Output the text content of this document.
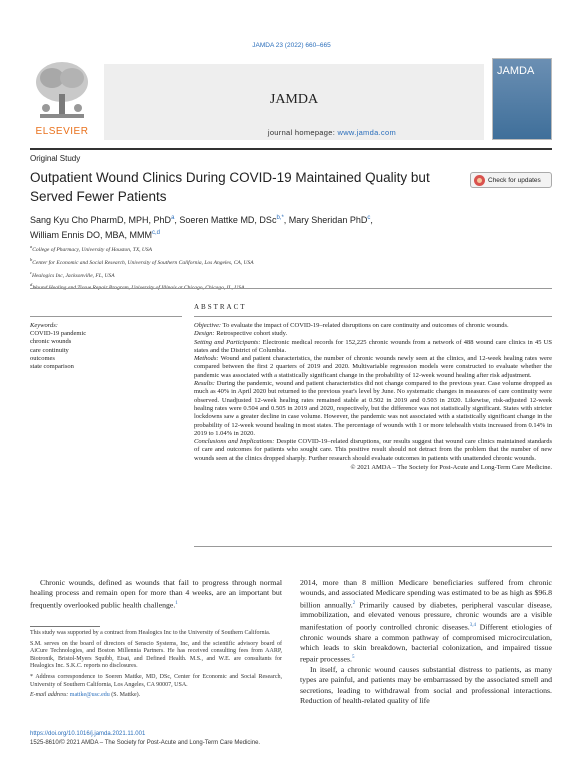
JAMDA 23 (2022) 660–665
ELSEVIER
JAMDA
journal homepage: www.jamda.com
JAMDA
Original Study
Outpatient Wound Clinics During COVID-19 Maintained Quality but Served Fewer Patients
Check for updates
Sang Kyu Cho PharmD, MPH, PhD$^a$, Soeren Mattke MD, DSc$^{b,*}$, Mary Sheridan PhD$^c$,
William Ennis DO, MBA, MMM$^{c,d}$
$^a$College of Pharmacy, University of Houston, TX, USA
$^b$Center for Economic and Social Research, University of Southern California, Los Angeles, CA, USA
$^c$Healogics Inc, Jacksonville, FL, USA
$^d$
ABSTRACT
Keywords:
COVID-19 pandemic
chronic wounds
care continuity
outcomes
state comparison
Objective: To evaluate the impact of COVID-19–related disruptions on care continuity and outcomes of chronic wounds.
Design: Retrospective cohort study.
Setting and Participants: Electronic medical records for 152,225 chronic wounds from a network of 488 wound care clinics in 45 US states and the District of Columbia.
Methods: Wound and patient characteristics, the number of chronic wounds newly seen at the clinics, and 12-week healing rates were compared between the first 2 quarters of 2019 and 2020. Multivariable regression models were constructed to evaluate whether the pandemic was associated with a statistically significant change in the probability of 12-week wound healing after risk adjustment.
Results: During the pandemic, wound and patient characteristics did not change compared to the previous year. Case volume dropped as much as 40% in April 2020 but returned to the previous year's level by June. No systematic changes in measures of care continuity were observed. Unadjusted 12-week healing rates remained stable at 0.502 in 2019 and 0.503 in 2020. Likewise, risk-adjusted 12-week healing rates were 0.504 and 0.505 in 2019 and 2020, respectively, but the difference was not statistically significant. States with stricter lockdowns saw a greater decline in case volume. However, the pandemic was not associated with a statistically significant change in the probability of 12-week wound healing in most states. The percentage of wounds with 1 or more telehealth visits increased from 0.14% in 2019 to 1.04% in 2020.
Conclusions and Implications: Despite COVID-19–related disruptions, our results suggest that wound care clinics maintained standards of care and outcomes for patients who sought care. This positive result should not detract from the problem that the number of new wounds seen at the clinics dropped sharply. Further research should evaluate outcomes in patients with unattended chronic wounds.
© 2021 AMDA – The Society for Post-Acute and Long-Term Care Medicine.

Chronic wounds, defined as wounds that fail to progress through normal healing process and remain open for more than 4 weeks, are an important but frequently overlooked public health challenge.$^1$

2014, more than 8 million Medicare beneficiaries suffered from chronic wounds, and associated Medicare spending was estimated to be as high as $96.8 billion annually.$^2$ Primarily caused by diabetes, peripheral vascular disease, immobilization, and elevated venous pressure, chronic wounds are a visible manifestation of poorly controlled chronic diseases.$^{3,4}$ Different etiologies of chronic wounds share a common pathway of compromised microcirculation, which leads to skin breakdown, bacterial colonization, and impaired tissue repair processes.$^5$

In itself, a chronic wound causes substantial distress to patients, as many types are painful, and patients may be embarrassed by the associated smell and secretions, leading to withdrawal from social and professional interactions. Reduction of health-related quality of life

This study was supported by a contract from Healogics Inc to the University of Southern California.

S.M. serves on the board of directors of Senscio Systems, Inc, and the scientific advisory board of AiCure Technologies, and Boston Millennia Partners. He has received consulting fees from AARP, Biotronik, Bristol-Myers Squibb, Eisai, and Defined Health. M.S., and W.E. are consultants for Healogics Inc. S.K.C. reports no disclosures.

* Address correspondence to Soeren Mattke, MD, DSc, Center for Economic and Social Research, University of Southern California, Los Angeles, CA 90007, USA.

E-mail address: mattke@usc.edu (S. Mattke).

https://doi.org/10.1016/j.jamda.2021.11.001
1525-8610/© 2021 AMDA – The Society for Post-Acute and Long-Term Care Medicine.
